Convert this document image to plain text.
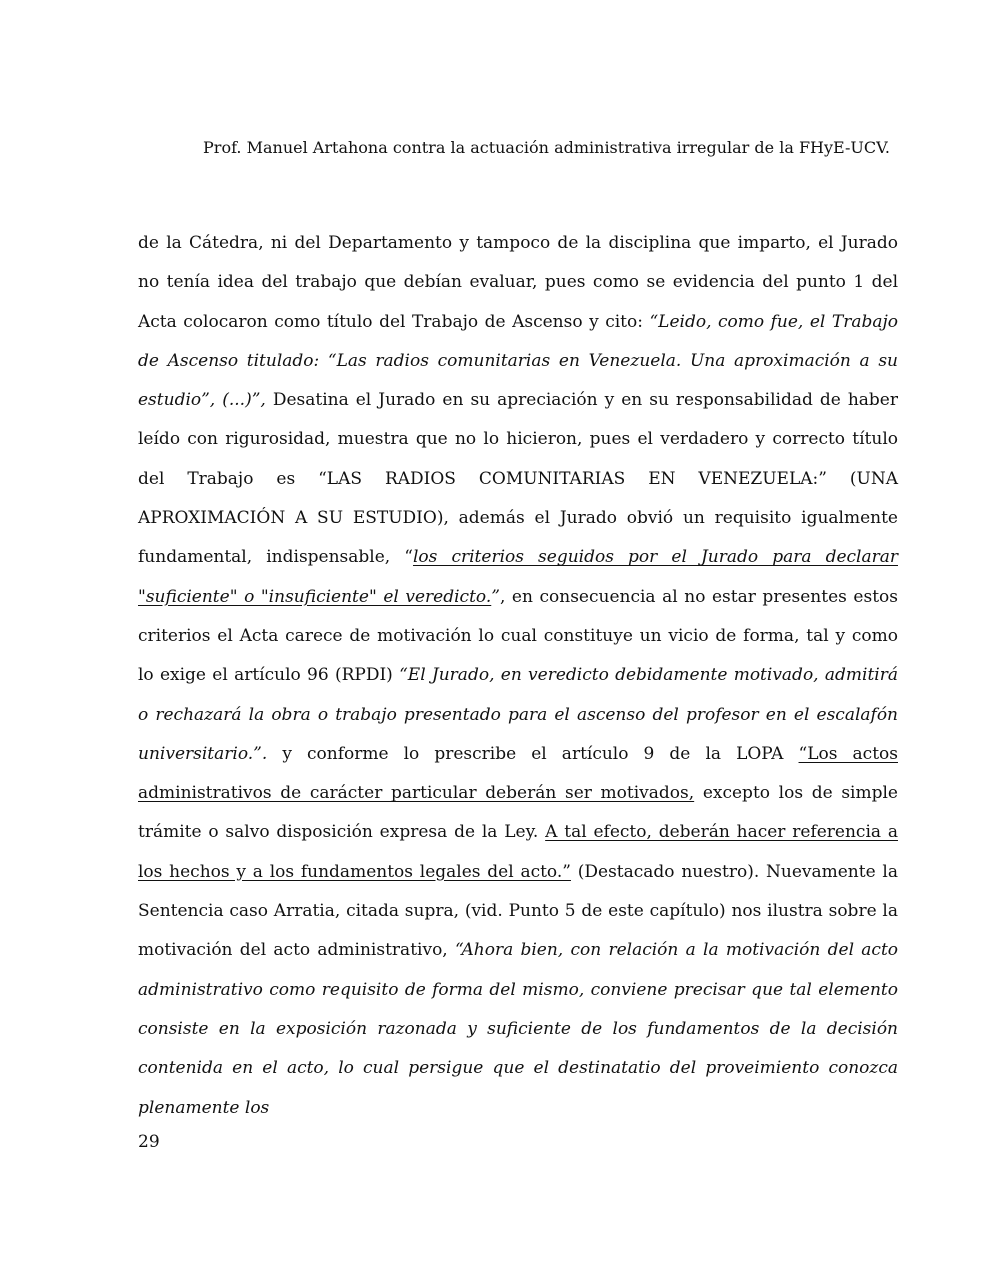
Prof. Manuel Artahona contra la actuación administrativa irregular de la FHyE-UCV.
de la Cátedra, ni del Departamento y tampoco de la disciplina que imparto, el Jurado no tenía idea del trabajo que debían evaluar, pues como se evidencia del punto 1 del Acta colocaron como título del Trabajo de Ascenso y cito: “Leido, como fue, el Trabajo de Ascenso titulado: “Las radios comunitarias en Venezuela. Una aproximación a su estudio”, (...)”, Desatina el Jurado en su apreciación y en su responsabilidad de haber leído con rigurosidad, muestra que no lo hicieron, pues el verdadero y correcto título del Trabajo es “LAS RADIOS COMUNITARIAS EN VENEZUELA:” (UNA APROXIMACIÓN A SU ESTUDIO), además el Jurado obvió un requisito igualmente fundamental, indispensable, “los criterios seguidos por el Jurado para declarar "suficiente" o "insuficiente" el veredicto.”, en consecuencia al no estar presentes estos criterios el Acta carece de motivación lo cual constituye un vicio de forma, tal y como lo exige el artículo 96 (RPDI) “El Jurado, en veredicto debidamente motivado, admitirá o rechazará la obra o trabajo presentado para el ascenso del profesor en el escalafón universitario.”. y conforme lo prescribe el artículo 9 de la LOPA “Los actos administrativos de carácter particular deberán ser motivados, excepto los de simple trámite o salvo disposición expresa de la Ley. A tal efecto, deberán hacer referencia a los hechos y a los fundamentos legales del acto.” (Destacado nuestro). Nuevamente la Sentencia caso Arratia, citada supra, (vid. Punto 5 de este capítulo) nos ilustra sobre la motivación del acto administrativo, “Ahora bien, con relación a la motivación del acto administrativo como requisito de forma del mismo, conviene precisar que tal elemento consiste en la exposición razonada y suficiente de los fundamentos de la decisión contenida en el acto, lo cual persigue que el destinatatio del proveimiento conozca plenamente los
29
